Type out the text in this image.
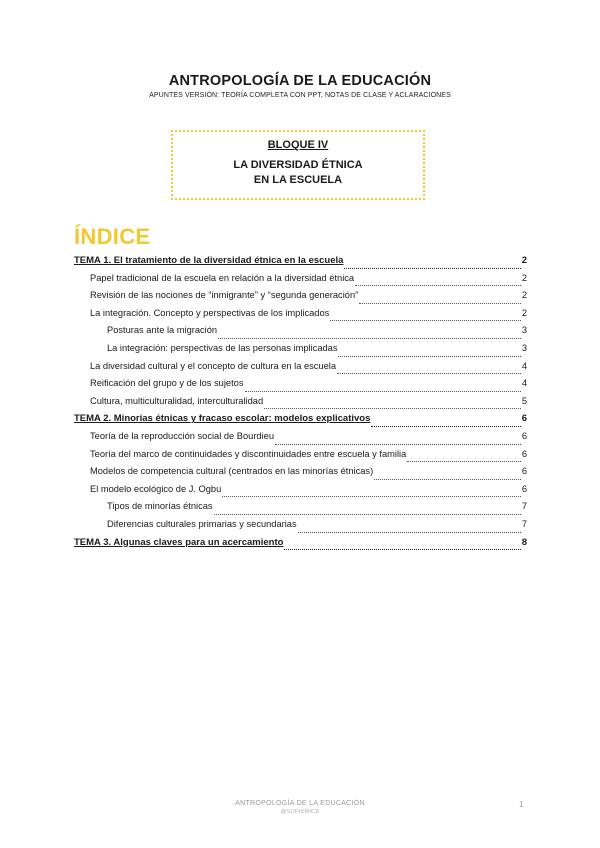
ANTROPOLOGÍA DE LA EDUCACIÓN
APUNTES VERSIÓN: TEORÍA COMPLETA CON PPT, NOTAS DE CLASE Y ACLARACIONES
BLOQUE IV
LA DIVERSIDAD ÉTNICA
EN LA ESCUELA
ÍNDICE
TEMA 1. El tratamiento de la diversidad étnica en la escuela	2
Papel tradicional de la escuela en relación a la diversidad étnica	2
Revisión de las nociones de “inmigrante” y “segunda generación”	2
La integración. Concepto y perspectivas de los implicados	2
Posturas ante la migración	3
La integración: perspectivas de las personas implicadas	3
La diversidad cultural y el concepto de cultura en la escuela	4
Reificación del grupo y de los sujetos	4
Cultura, multiculturalidad, interculturalidad	5
TEMA 2. Minorías étnicas y fracaso escolar: modelos explicativos	6
Teoría de la reproducción social de Bourdieu	6
Teoría del marco de continuidades y discontinuidades entre escuela y familia	6
Modelos de competencia cultural (centrados en las minorías étnicas)	6
El modelo ecológico de J. Ogbu	6
Tipos de minorías étnicas	7
Diferencias culturales primarias y secundarias	7
TEMA 3. Algunas claves para un acercamiento	8
ANTROPOLOGÍA DE LA EDUCACIÓN
@SOFIXMICE
1
